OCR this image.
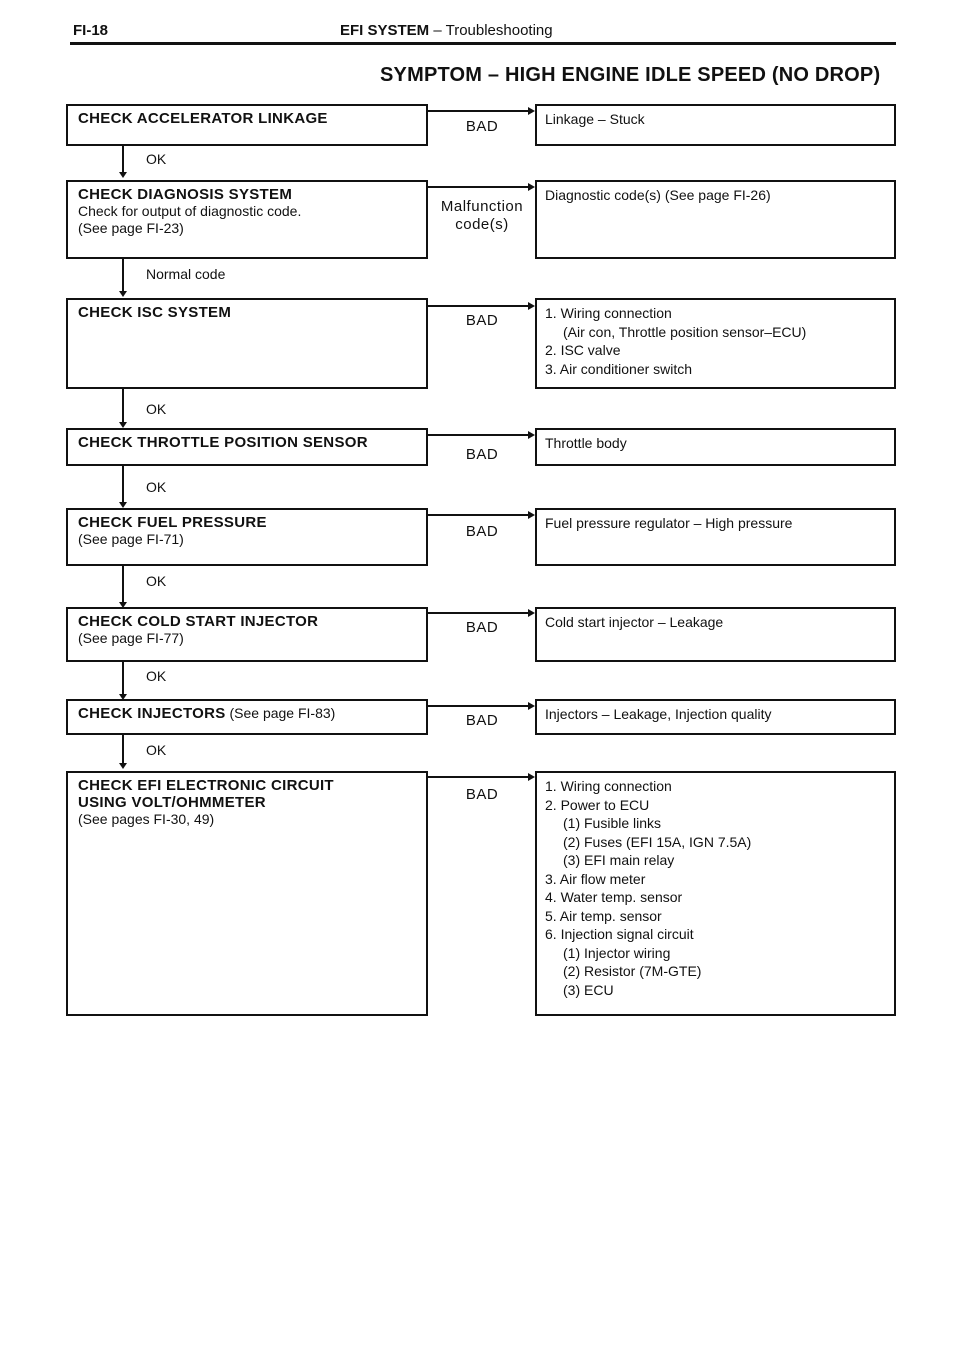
FI-18	EFI SYSTEM – Troubleshooting
SYMPTOM – HIGH ENGINE IDLE SPEED (NO DROP)
CHECK ACCELERATOR LINKAGE	BAD	Linkage – Stuck
OK
CHECK DIAGNOSIS SYSTEM
Check for output of diagnostic code.
(See page FI-23)
Malfunction
code(s)
Diagnostic code(s) (See page FI-26)
Normal code
CHECK ISC SYSTEM	BAD	1. Wiring connection
(Air con, Throttle position sensor–ECU)
2. ISC valve
3. Air conditioner switch
OK
CHECK THROTTLE POSITION SENSOR
BAD
Throttle body
OK
CHECK FUEL PRESSURE
(See page FI-71)	BAD	Fuel pressure regulator – High pressure
OK
CHECK COLD START INJECTOR
(See page FI-77)
BAD	Cold start injector – Leakage
OK
CHECK INJECTORS (See page FI-83)	BAD	Injectors – Leakage, Injection quality
OK
CHECK EFI ELECTRONIC CIRCUIT
USING VOLT/OHMMETER
(See pages FI-30, 49)
BAD	1. Wiring connection
2. Power to ECU
(1) Fusible links
(2) Fuses (EFI 15A, IGN 7.5A)
(3) EFI main relay
3. Air flow meter
4. Water temp. sensor
5. Air temp. sensor
6. Injection signal circuit
(1) Injector wiring
(2) Resistor (7M-GTE)
(3) ECU
